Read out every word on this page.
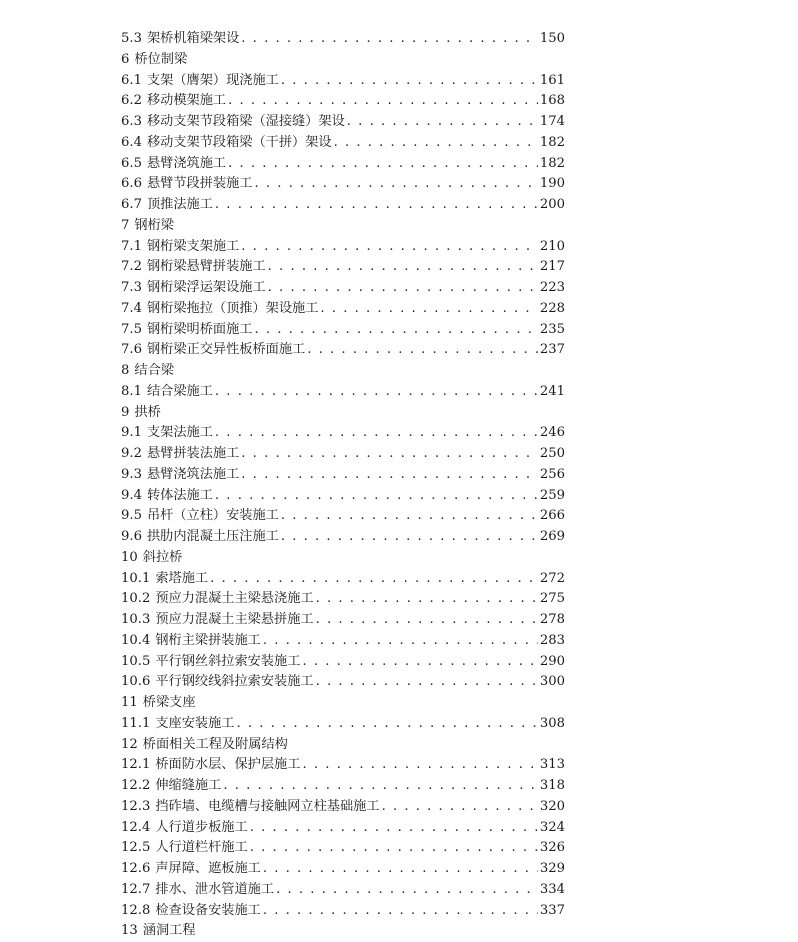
5.3 架桥机箱梁架设 . . .	150
6 桥位制梁
6.1 支架（膺架）现浇施工 . . .	161
6.2 移动模架施工 . . .	168
6.3 移动支架节段箱梁（湿接缝）架设 . . .	174
6.4 移动支架节段箱梁（干拼）架设 . . .	182
6.5 悬臂浇筑施工 . . .	182
6.6 悬臂节段拼装施工 . . .	190
6.7 顶推法施工 . . .	200
7 钢桁梁
7.1 钢桁梁支架施工 . . .	210
7.2 钢桁梁悬臂拼装施工 . . .	217
7.3 钢桁梁浮运架设施工 . . .	223
7.4 钢桁梁拖拉（顶推）架设施工 . . .	228
7.5 钢桁梁明桥面施工 . . .	235
7.6 钢桁梁正交异性板桥面施工 . . .	237
8 结合梁
8.1 结合梁施工 . . .	241
9 拱桥
9.1 支架法施工 . . .	246
9.2 悬臂拼装法施工 . . .	250
9.3 悬臂浇筑法施工 . . .	256
9.4 转体法施工 . . .	259
9.5 吊杆（立柱）安装施工 . . .	266
9.6 拱肋内混凝土压注施工 . . .	269
10 斜拉桥
10.1 索塔施工 . . .	272
10.2 预应力混凝土主梁悬浇施工 . . .	275
10.3 预应力混凝土主梁悬拼施工 . . .	278
10.4 钢桁主梁拼装施工 . . .	283
10.5 平行钢丝斜拉索安装施工 . . .	290
10.6 平行钢绞线斜拉索安装施工 . . .	300
11 桥梁支座
11.1 支座安装施工 . . .	308
12 桥面相关工程及附属结构
12.1 桥面防水层、保护层施工 . . .	313
12.2 伸缩缝施工 . . .	318
12.3 挡砟墙、电缆槽与接触网立柱基础施工 . . .	320
12.4 人行道步板施工 . . .	324
12.5 人行道栏杆施工 . . .	326
12.6 声屏障、遮板施工 . . .	329
12.7 排水、泄水管道施工 . . .	334
12.8 检查设备安装施工 . . .	337
13 涵洞工程
